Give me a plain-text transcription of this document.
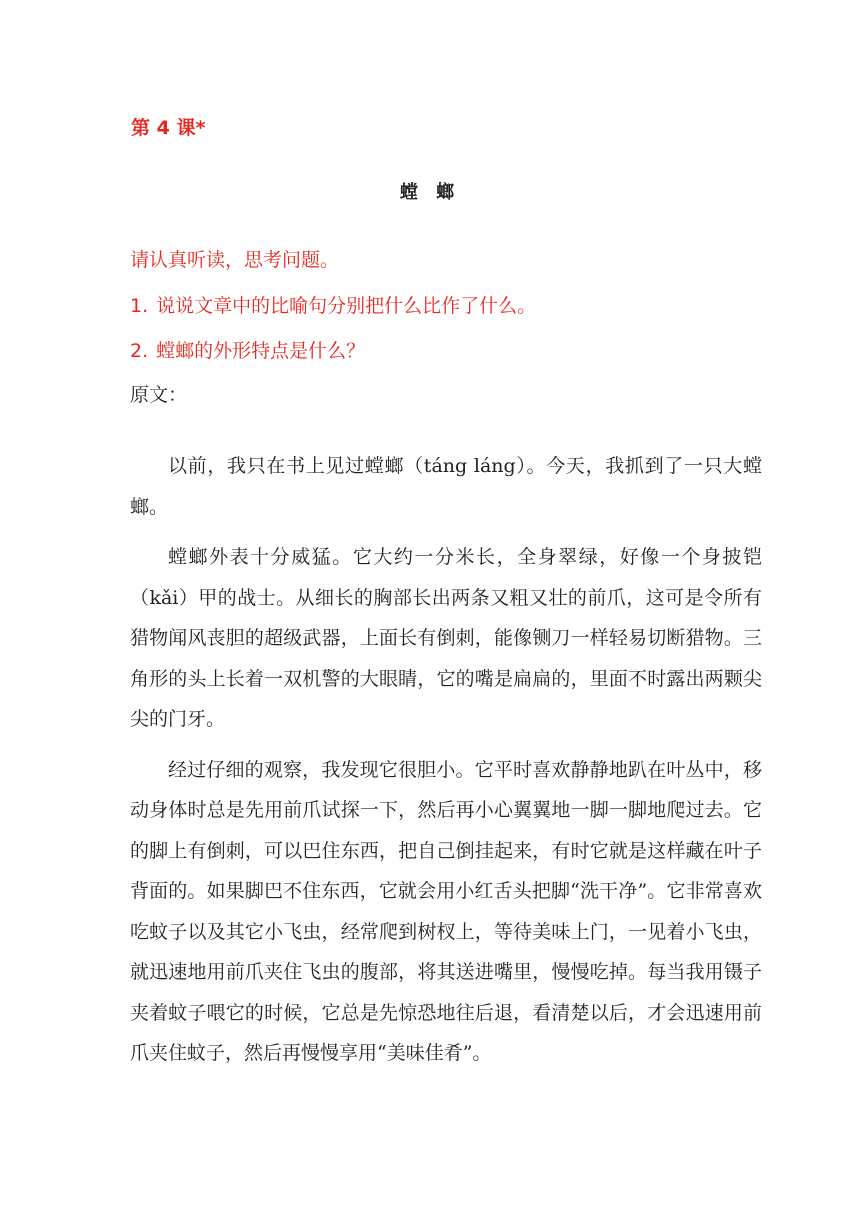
第 4 课*
螳 螂

请认真听读，思考问题。

1. 说说文章中的比喻句分别把什么比作了什么。

2. 螳螂的外形特点是什么？

原文：

以前，我只在书上见过螳螂（táng láng）。今天，我抓到了一只大螳螂。

螳螂外表十分威猛。它大约一分米长，全身翠绿，好像一个身披铠（kǎi）甲的战士。从细长的胸部长出两条又粗又壮的前爪，这可是令所有猎物闻风丧胆的超级武器，上面长有倒刺，能像铡刀一样轻易切断猎物。三角形的头上长着一双机警的大眼睛，它的嘴是扁扁的，里面不时露出两颗尖尖的门牙。

经过仔细的观察，我发现它很胆小。它平时喜欢静静地趴在叶丛中，移动身体时总是先用前爪试探一下，然后再小心翼翼地一脚一脚地爬过去。它的脚上有倒刺，可以巴住东西，把自己倒挂起来，有时它就是这样藏在叶子背面的。如果脚巴不住东西，它就会用小红舌头把脚“洗干净”。它非常喜欢吃蚊子以及其它小飞虫，经常爬到树杈上，等待美味上门，一见着小飞虫，就迅速地用前爪夹住飞虫的腹部，将其送进嘴里，慢慢吃掉。每当我用镊子夹着蚊子喂它的时候，它总是先惊恐地往后退，看清楚以后，才会迅速用前爪夹住蚊子，然后再慢慢享用“美味佳肴”。
